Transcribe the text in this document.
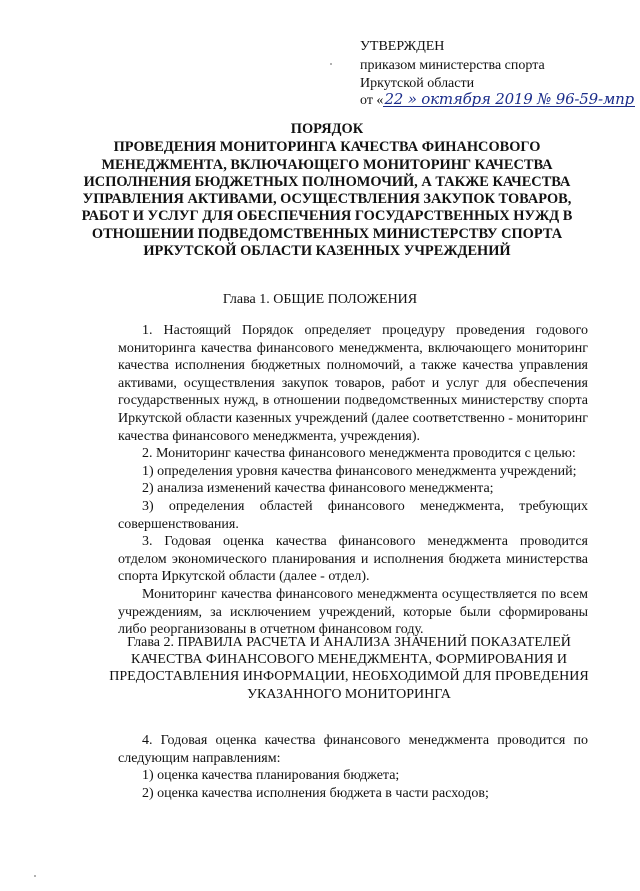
УТВЕРЖДЕН
приказом министерства спорта
Иркутской области
от «22 » октября 2019 № 96-59-мпр
ПОРЯДОК
ПРОВЕДЕНИЯ МОНИТОРИНГА КАЧЕСТВА ФИНАНСОВОГО МЕНЕДЖМЕНТА, ВКЛЮЧАЮЩЕГО МОНИТОРИНГ КАЧЕСТВА ИСПОЛНЕНИЯ БЮДЖЕТНЫХ ПОЛНОМОЧИЙ, А ТАКЖЕ КАЧЕСТВА УПРАВЛЕНИЯ АКТИВАМИ, ОСУЩЕСТВЛЕНИЯ ЗАКУПОК ТОВАРОВ, РАБОТ И УСЛУГ ДЛЯ ОБЕСПЕЧЕНИЯ ГОСУДАРСТВЕННЫХ НУЖД В ОТНОШЕНИИ ПОДВЕДОМСТВЕННЫХ МИНИСТЕРСТВУ СПОРТА ИРКУТСКОЙ ОБЛАСТИ КАЗЕННЫХ УЧРЕЖДЕНИЙ
Глава 1. ОБЩИЕ ПОЛОЖЕНИЯ

1. Настоящий Порядок определяет процедуру проведения годового мониторинга качества финансового менеджмента, включающего мониторинг качества исполнения бюджетных полномочий, а также качества управления активами, осуществления закупок товаров, работ и услуг для обеспечения государственных нужд, в отношении подведомственных министерству спорта Иркутской области казенных учреждений (далее соответственно - мониторинг качества финансового менеджмента, учреждения).

2. Мониторинг качества финансового менеджмента проводится с целью:

1) определения уровня качества финансового менеджмента учреждений;

2) анализа изменений качества финансового менеджмента;

3) определения областей финансового менеджмента, требующих совершенствования.

3. Годовая оценка качества финансового менеджмента проводится отделом экономического планирования и исполнения бюджета министерства спорта Иркутской области (далее - отдел).

Мониторинг качества финансового менеджмента осуществляется по всем учреждениям, за исключением учреждений, которые были сформированы либо реорганизованы в отчетном финансовом году.

Глава 2. ПРАВИЛА РАСЧЕТА И АНАЛИЗА ЗНАЧЕНИЙ ПОКАЗАТЕЛЕЙ КАЧЕСТВА ФИНАНСОВОГО МЕНЕДЖМЕНТА, ФОРМИРОВАНИЯ И ПРЕДОСТАВЛЕНИЯ ИНФОРМАЦИИ, НЕОБХОДИМОЙ ДЛЯ ПРОВЕДЕНИЯ УКАЗАННОГО МОНИТОРИНГА

4. Годовая оценка качества финансового менеджмента проводится по следующим направлениям:

1) оценка качества планирования бюджета;

2) оценка качества исполнения бюджета в части расходов;
